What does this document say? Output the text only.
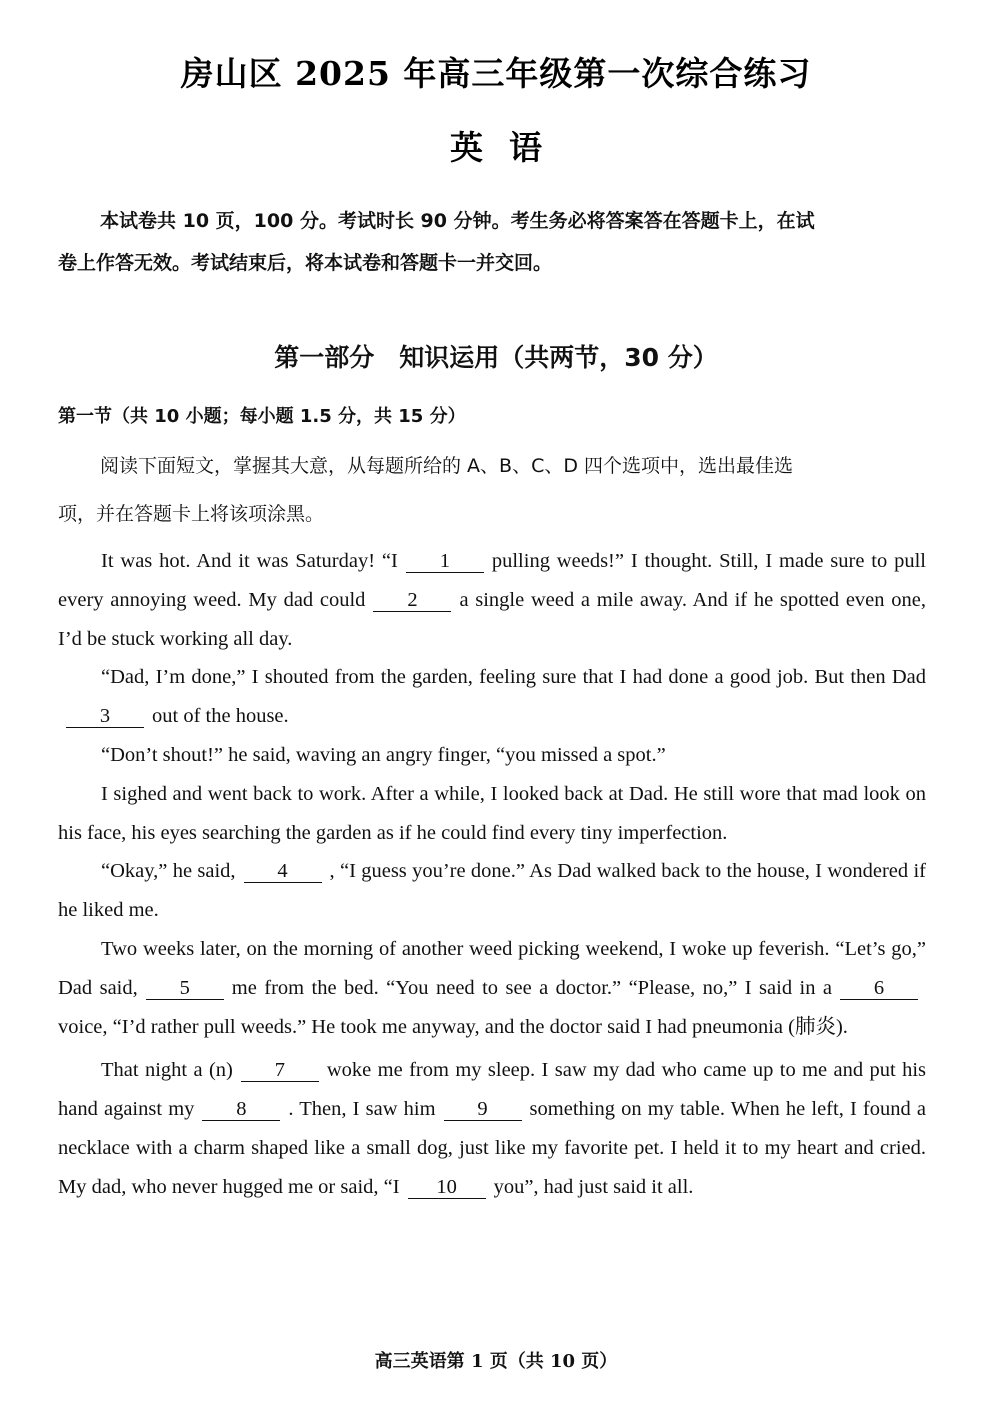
房山区 2025 年高三年级第一次综合练习
英语

本试卷共 10 页，100 分。考试时长 90 分钟。考生务必将答案答在答题卡上，在试

卷上作答无效。考试结束后，将本试卷和答题卡一并交回。

第一部分　知识运用（共两节，30 分）
第一节（共 10 小题；每小题 1.5 分，共 15 分）

阅读下面短文，掌握其大意，从每题所给的 A、B、C、D 四个选项中，选出最佳选

项，并在答题卡上将该项涂黑。

It was hot. And it was Saturday! “I 1 pulling weeds!” I thought. Still, I made sure to pull every annoying weed. My dad could 2 a single weed a mile away. And if he spotted even one, I’d be stuck working all day.

“Dad, I’m done,” I shouted from the garden, feeling sure that I had done a good job. But then Dad3 out of the house.

“Don’t shout!” he said, waving an angry finger, “you missed a spot.”

I sighed and went back to work. After a while, I looked back at Dad. He still wore that mad look on his face, his eyes searching the garden as if he could find every tiny imperfection.

“Okay,” he said, 4 , “I guess you’re done.” As Dad walked back to the house, I wondered if he liked me.

Two weeks later, on the morning of another weed picking weekend, I woke up feverish. “Let’s go,” Dad said, 5 me from the bed. “You need to see a doctor.” “Please, no,” I said in a 6voice, “I’d rather pull weeds.” He took me anyway, and the doctor said I had pneumonia (肺炎).

That night a (n) 7 woke me from my sleep. I saw my dad who came up to me and put his hand against my 8 . Then, I saw him 9 something on my table. When he left, I found a necklace with a charm shaped like a small dog, just like my favorite pet. I held it to my heart and cried. My dad, who never hugged me or said, “I 10 you”, had just said it all.

高三英语第 1 页（共 10 页）
